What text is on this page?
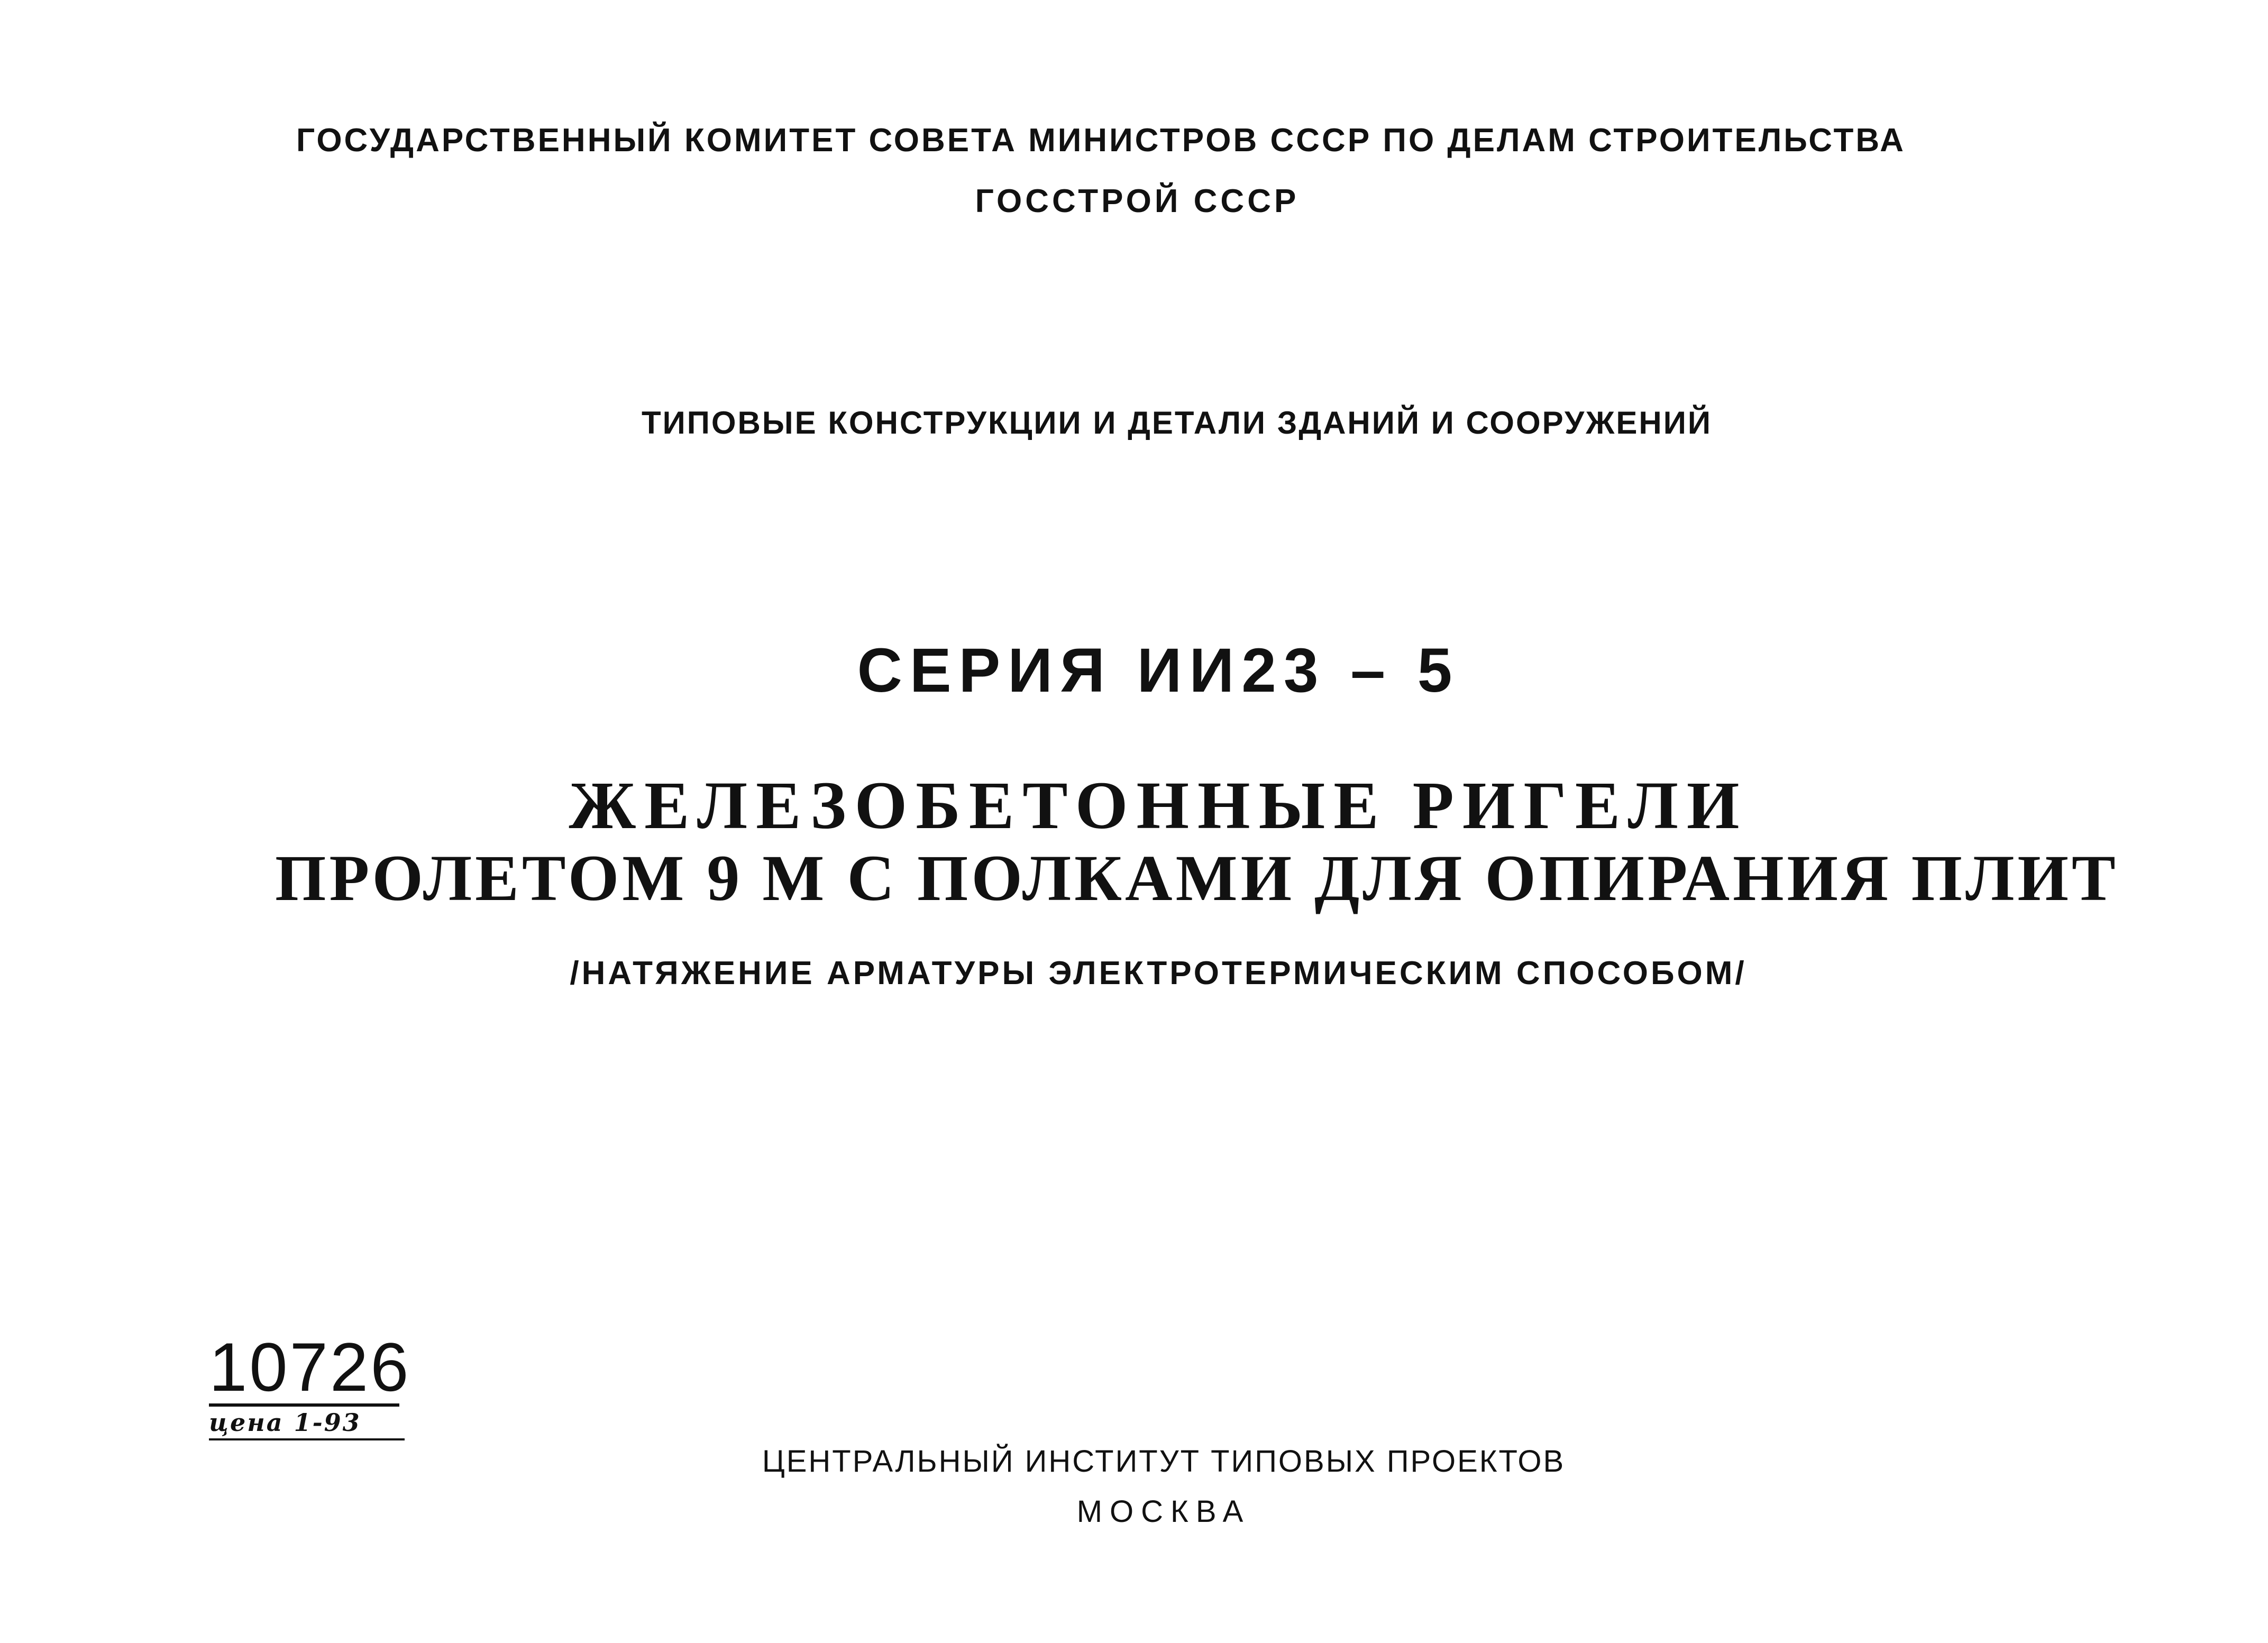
ГОСУДАРСТВЕННЫЙ КОМИТЕТ СОВЕТА МИНИСТРОВ СССР ПО ДЕЛАМ СТРОИТЕЛЬСТВА
ГОССТРОЙ СССР
ТИПОВЫЕ КОНСТРУКЦИИ И ДЕТАЛИ ЗДАНИЙ И СООРУЖЕНИЙ
СЕРИЯ ИИ23 – 5
ЖЕЛЕЗОБЕТОННЫЕ РИГЕЛИ
ПРОЛЕТОМ 9 М С ПОЛКАМИ ДЛЯ ОПИРАНИЯ ПЛИТ
/НАТЯЖЕНИЕ АРМАТУРЫ ЭЛЕКТРОТЕРМИЧЕСКИМ СПОСОБОМ/
10726
цена 1-93
ЦЕНТРАЛЬНЫЙ ИНСТИТУТ ТИПОВЫХ ПРОЕКТОВ
МОСКВА
